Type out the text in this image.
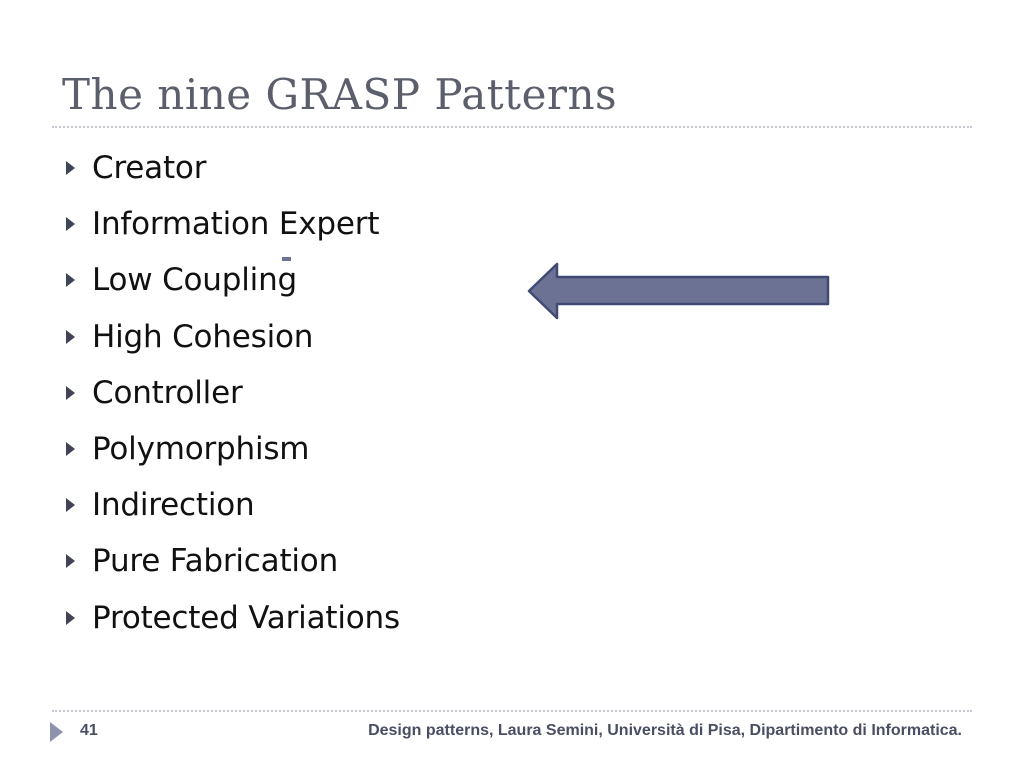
The nine GRASP Patterns
Creator
Information Expert
Low Coupling
High Cohesion
Controller
Polymorphism
Indirection
Pure Fabrication
Protected Variations
41	Design patterns, Laura Semini, Università di Pisa, Dipartimento di Informatica.
